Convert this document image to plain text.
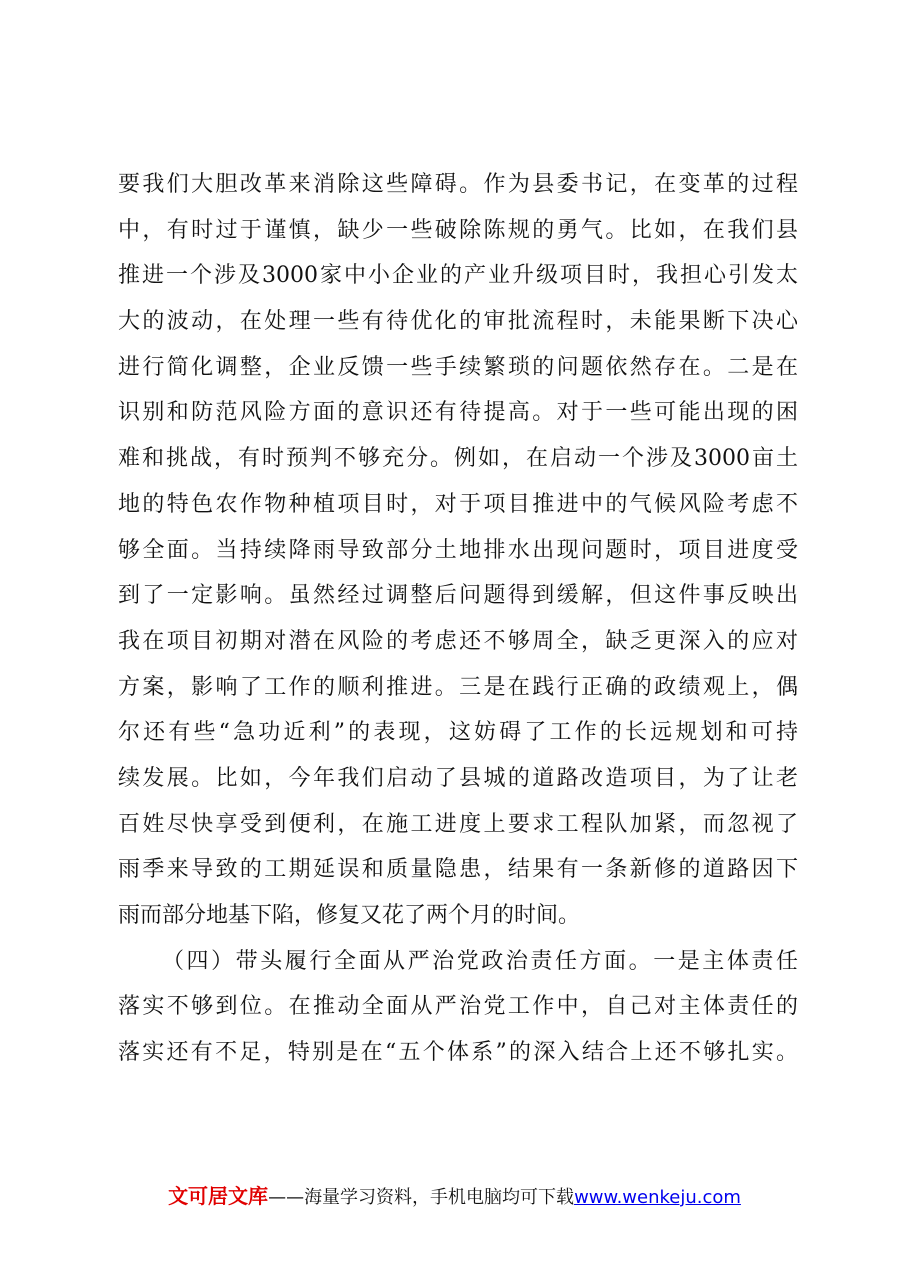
要我们大胆改革来消除这些障碍。作为县委书记，在变革的过程
中，有时过于谨慎，缺少一些破除陈规的勇气。比如，在我们县
推进一个涉及3000家中小企业的产业升级项目时，我担心引发太
大的波动，在处理一些有待优化的审批流程时，未能果断下决心
进行简化调整，企业反馈一些手续繁琐的问题依然存在。二是在
识别和防范风险方面的意识还有待提高。对于一些可能出现的困
难和挑战，有时预判不够充分。例如，在启动一个涉及3000亩土
地的特色农作物种植项目时，对于项目推进中的气候风险考虑不
够全面。当持续降雨导致部分土地排水出现问题时，项目进度受
到了一定影响。虽然经过调整后问题得到缓解，但这件事反映出
我在项目初期对潜在风险的考虑还不够周全，缺乏更深入的应对
方案，影响了工作的顺利推进。三是在践行正确的政绩观上，偶
尔还有些“急功近利”的表现，这妨碍了工作的长远规划和可持
续发展。比如，今年我们启动了县城的道路改造项目，为了让老
百姓尽快享受到便利，在施工进度上要求工程队加紧，而忽视了
雨季来导致的工期延误和质量隐患，结果有一条新修的道路因下
雨而部分地基下陷，修复又花了两个月的时间。
（四）带头履行全面从严治党政治责任方面。一是主体责任
落实不够到位。在推动全面从严治党工作中，自己对主体责任的
落实还有不足，特别是在“五个体系”的深入结合上还不够扎实。
文可居文库——海量学习资料，手机电脑均可下载www.wenkeju.com
